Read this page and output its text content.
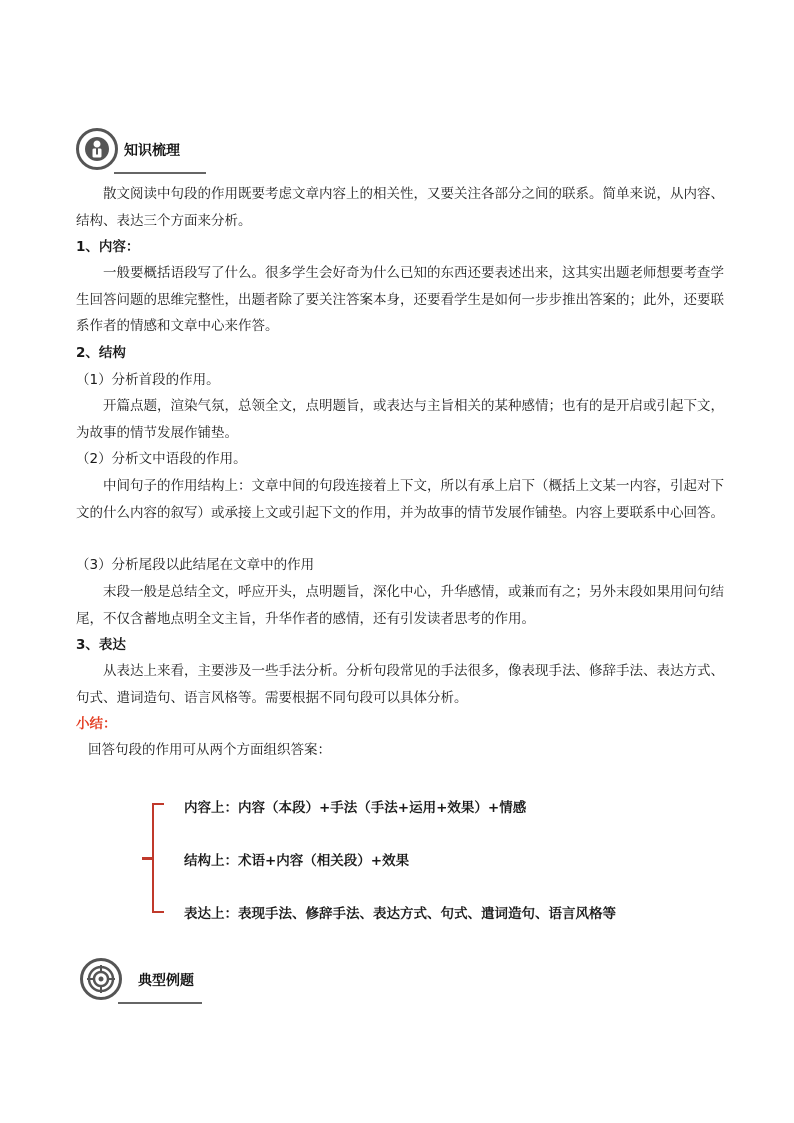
知识梳理

散文阅读中句段的作用既要考虑文章内容上的相关性，又要关注各部分之间的联系。简单来说，从内容、结构、表达三个方面来分析。

1、内容：

一般要概括语段写了什么。很多学生会好奇为什么已知的东西还要表述出来，这其实出题老师想要考查学生回答问题的思维完整性，出题者除了要关注答案本身，还要看学生是如何一步步推出答案的；此外，还要联系作者的情感和文章中心来作答。

2、结构

（1）分析首段的作用。

开篇点题，渲染气氛，总领全文，点明题旨，或表达与主旨相关的某种感情；也有的是开启或引起下文，为故事的情节发展作铺垫。

（2）分析文中语段的作用。

中间句子的作用结构上：文章中间的句段连接着上下文，所以有承上启下（概括上文某一内容，引起对下文的什么内容的叙写）或承接上文或引起下文的作用，并为故事的情节发展作铺垫。内容上要联系中心回答。

（3）分析尾段以此结尾在文章中的作用

末段一般是总结全文，呼应开头，点明题旨，深化中心，升华感情，或兼而有之；另外末段如果用问句结尾，不仅含蓄地点明全文主旨，升华作者的感情，还有引发读者思考的作用。

3、表达

从表达上来看，主要涉及一些手法分析。分析句段常见的手法很多，像表现手法、修辞手法、表达方式、句式、遣词造句、语言风格等。需要根据不同句段可以具体分析。

小结：

回答句段的作用可从两个方面组织答案：

内容上：内容（本段）+手法（手法+运用+效果）+情感
结构上：术语+内容（相关段）+效果
表达上：表现手法、修辞手法、表达方式、句式、遣词造句、语言风格等
典型例题
